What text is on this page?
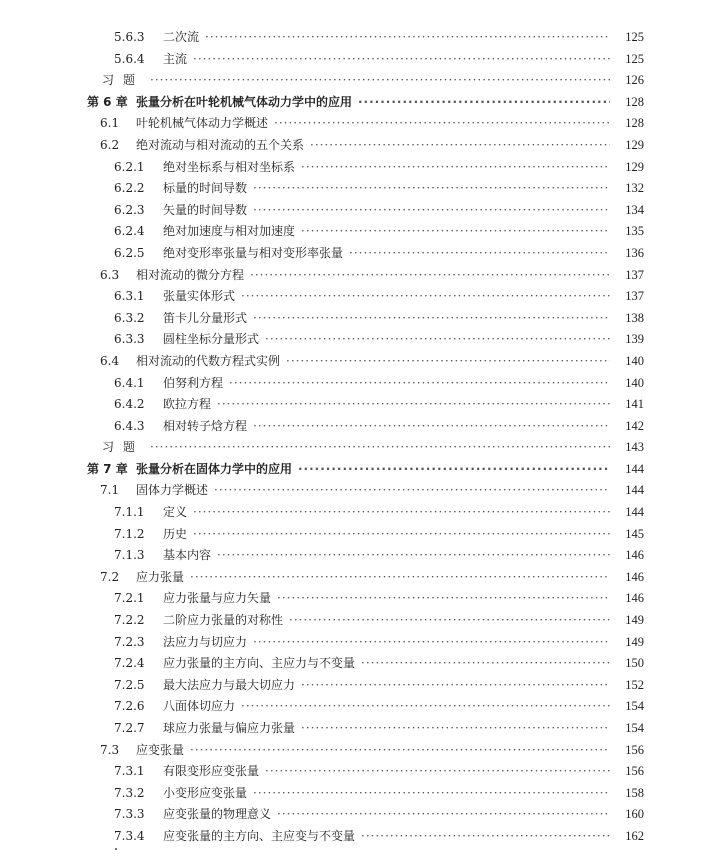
·····
5.6.3 二次流	125
·····
5.6.4 主流	125
·····
习题	126
·····
第 6 章 张量分析在叶轮机械气体动力学中的应用	128
·····
6.1 叶轮机械气体动力学概述	128
·····
6.2 绝对流动与相对流动的五个关系	129
·····
6.2.1 绝对坐标系与相对坐标系	129
·····
6.2.2 标量的时间导数	132
·····
6.2.3 矢量的时间导数	134
·····
6.2.4 绝对加速度与相对加速度	135
·····
6.2.5 绝对变形率张量与相对变形率张量	136
·····
6.3 相对流动的微分方程	137
·····
6.3.1 张量实体形式	137
·····
6.3.2 笛卡儿分量形式	138
·····
6.3.3 圆柱坐标分量形式	139
·····
6.4 相对流动的代数方程式实例	140
·····
6.4.1 伯努利方程	140
·····
6.4.2 欧拉方程	141
·····
6.4.3 相对转子焓方程	142
·····
习题	143
·····
第 7 章 张量分析在固体力学中的应用	144
·····
7.1 固体力学概述	144
·····
7.1.1 定义	144
·····
7.1.2 历史	145
·····
7.1.3 基本内容	146
·····
7.2 应力张量	146
·····
7.2.1 应力张量与应力矢量	146
·····
7.2.2 二阶应力张量的对称性	149
·····
7.2.3 法应力与切应力	149
·····
7.2.4 应力张量的主方向、主应力与不变量	150
·····
7.2.5 最大法应力与最大切应力	152
·····
7.2.6 八面体切应力	154
·····
7.2.7 球应力张量与偏应力张量	154
·····
7.3 应变张量	156
·····
7.3.1 有限变形应变张量	156
·····
7.3.2 小变形应变张量	158
·····
7.3.3 应变张量的物理意义	160
·····
7.3.4 应变张量的主方向、主应变与不变量	162
